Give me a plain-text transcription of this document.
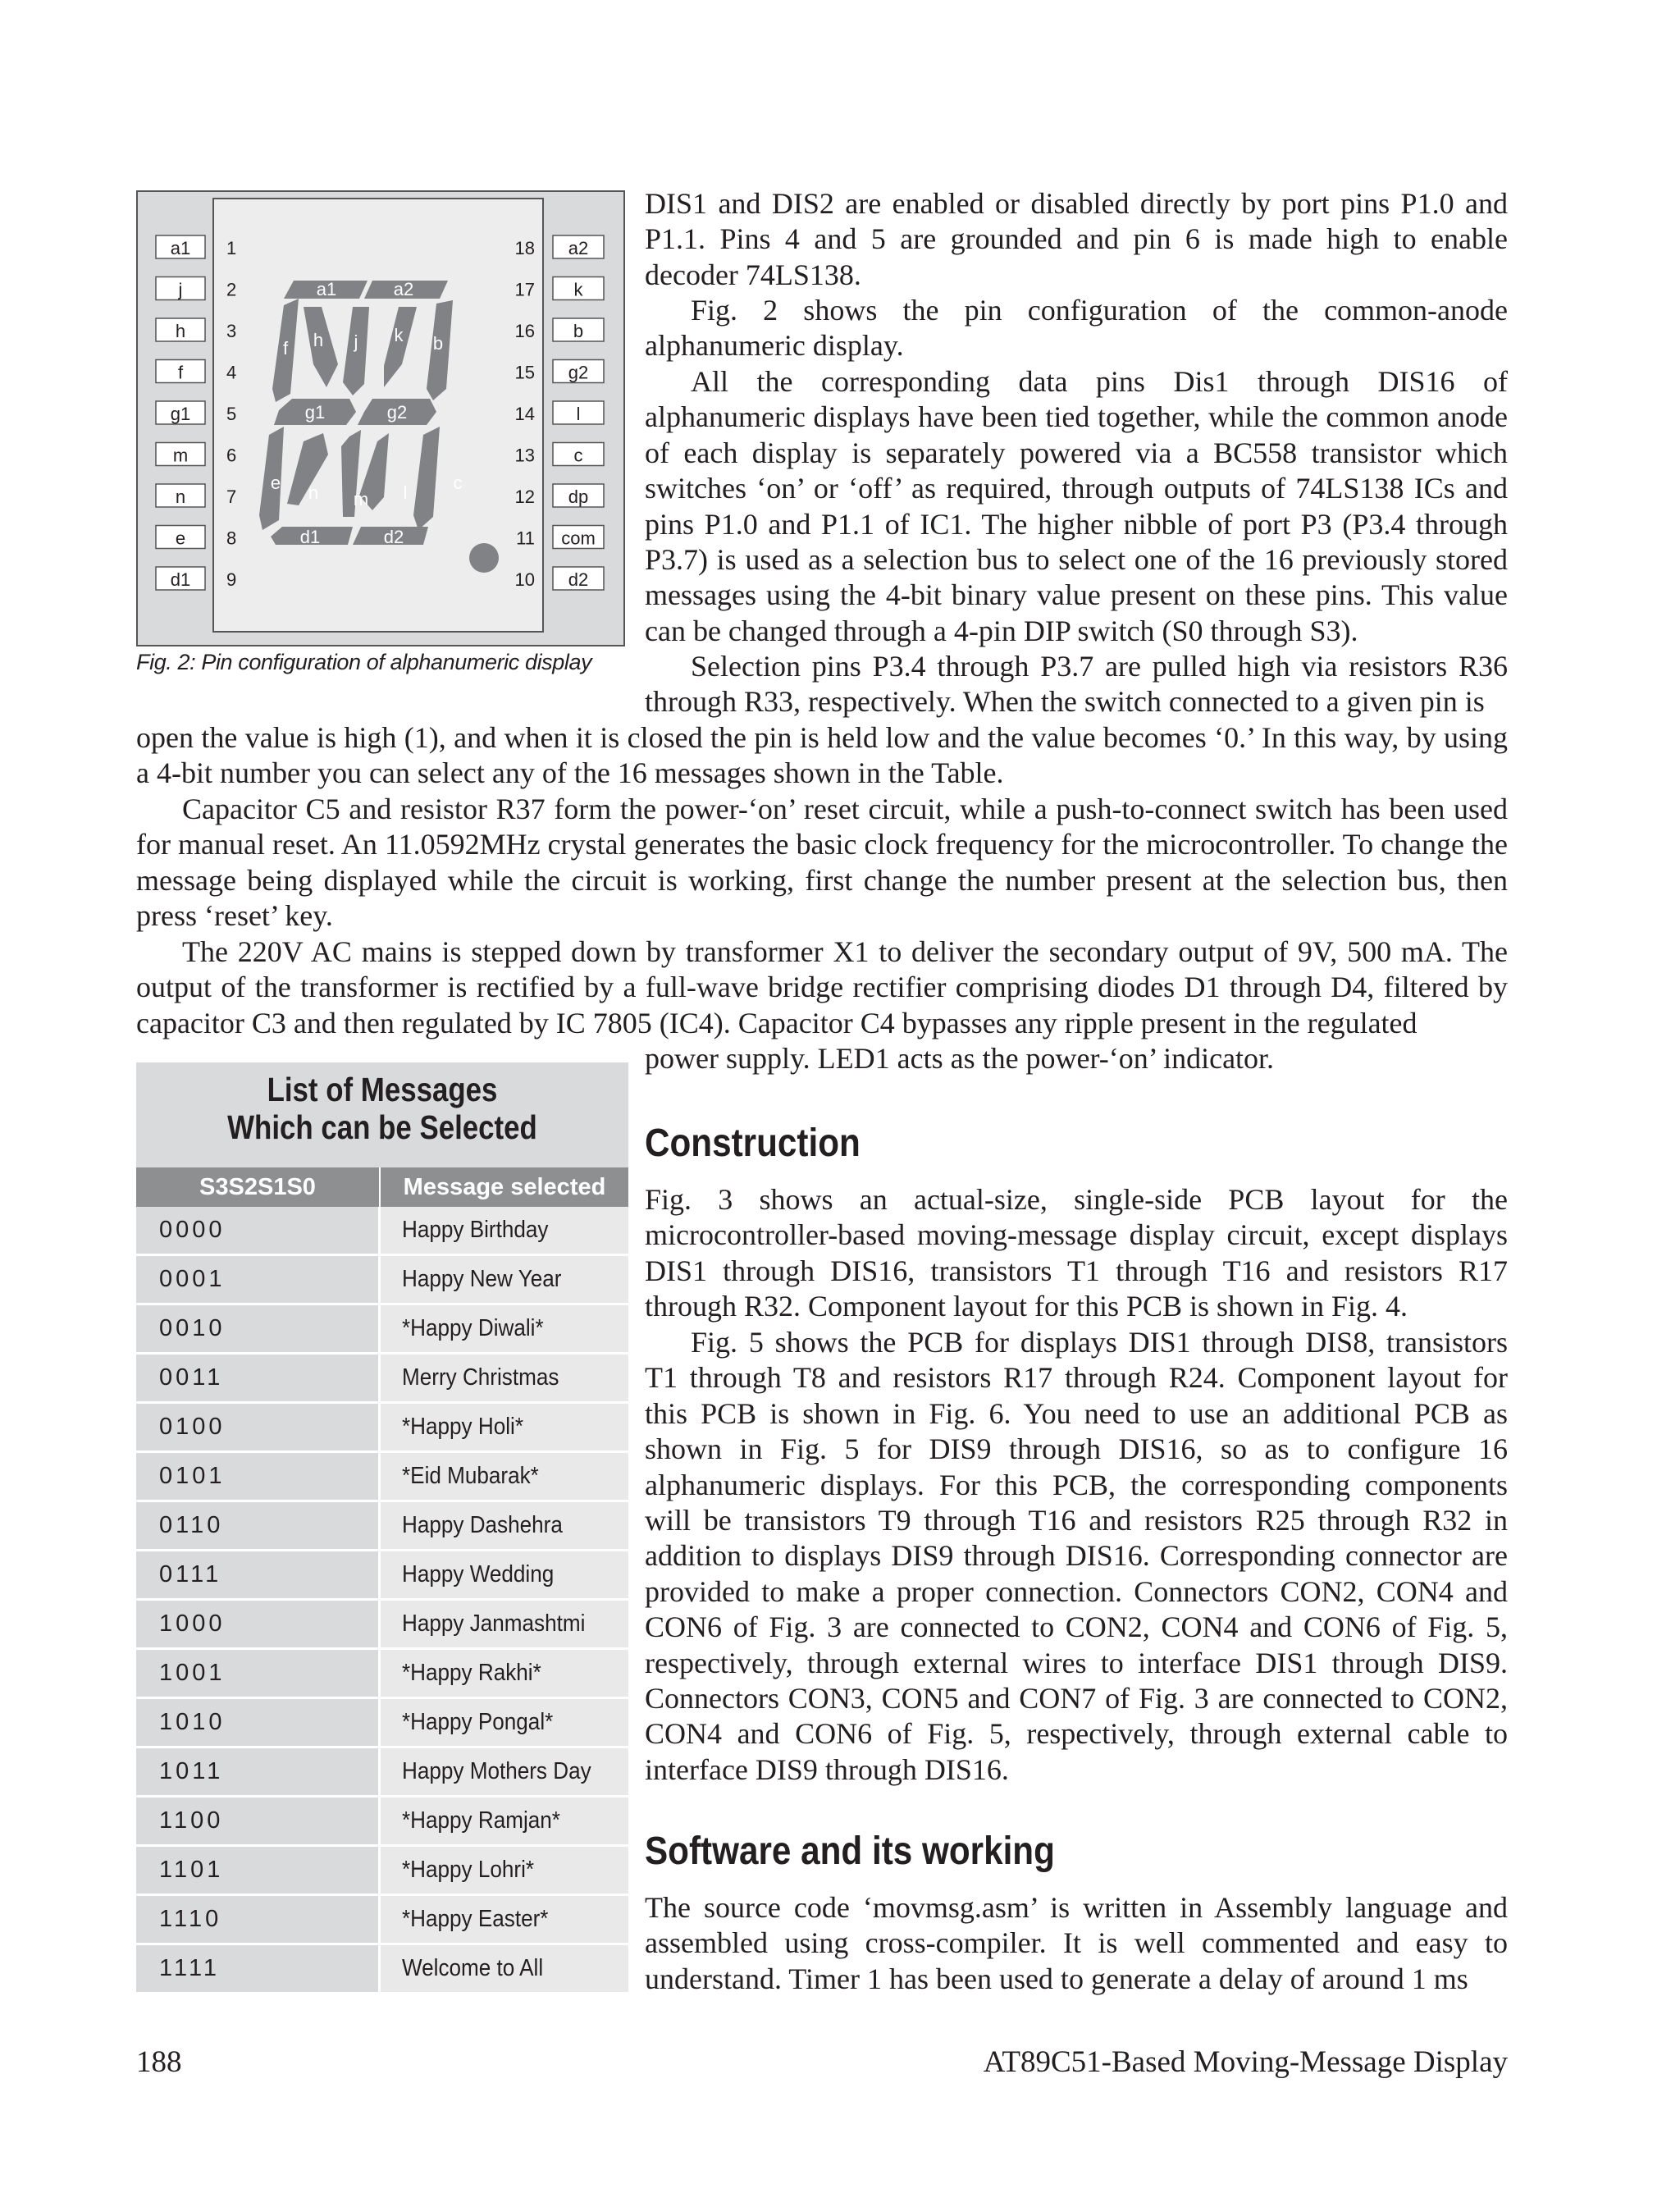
a1 1
j 2
h 3
f 4
g1 5
m 6
n 7
e 8
d1 9
a2
18
k
17
b
16
g2
15
l
14
c
13
dp
12
com
11
d2
10
a1	a2
f h j k b
g1	g2
e n m l	c
d1	d2
Fig. 2: Pin configuration of alphanumeric display

DIS1 and DIS2 are enabled or disabled directly by port pins P1.0 and P1.1. Pins 4 and 5 are grounded and pin 6 is made high to enable decoder 74LS138.

Fig. 2 shows the pin configuration of the common-anode alphanumeric display.

All the corresponding data pins Dis1 through DIS16 of alphanumeric displays have been tied together, while the common anode of each display is separately powered via a BC558 transistor which switches ‘on’ or ‘off’ as required, through outputs of 74LS138 ICs and pins P1.0 and P1.1 of IC1. The higher nibble of port P3 (P3.4 through P3.7) is used as a selection bus to select one of the 16 previously stored messages using the 4-bit binary value present on these pins. This value can be changed through a 4-pin DIP switch (S0 through S3).

Selection pins P3.4 through P3.7 are pulled high via resistors R36 through R33, respectively. When the switch connected to a given pin is

open the value is high (1), and when it is closed the pin is held low and the value becomes ‘0.’ In this way, by using a 4-bit number you can select any of the 16 messages shown in the Table.

Capacitor C5 and resistor R37 form the power-‘on’ reset circuit, while a push-to-connect switch has been used for manual reset. An 11.0592MHz crystal generates the basic clock frequency for the microcontroller. To change the message being displayed while the circuit is working, first change the number present at the selection bus, then press ‘reset’ key.

The 220V AC mains is stepped down by transformer X1 to deliver the secondary output of 9V, 500 mA. The output of the transformer is rectified by a full-wave bridge rectifier comprising diodes D1 through D4, filtered by capacitor C3 and then regulated by IC 7805 (IC4). Capacitor C4 bypasses any ripple present in the regulated

power supply. LED1 acts as the power-‘on’ indicator.

List of Messages
Which can be Selected
S3S2S1S0	Message selected
0000	Happy Birthday
0001	Happy New Year
0010	*Happy Diwali*
0011	Merry Christmas
0100	*Happy Holi*
0101	*Eid Mubarak*
0110	Happy Dashehra
0111	Happy Wedding
1000	Happy Janmashtmi
1001	*Happy Rakhi*
1010	*Happy Pongal*
1011	Happy Mothers Day
1100	*Happy Ramjan*
1101	*Happy Lohri*
1110	*Happy Easter*
1111	Welcome to All
Construction

Fig. 3 shows an actual-size, single-side PCB layout for the microcontroller-based moving-message display circuit, except displays DIS1 through DIS16, transistors T1 through T16 and resistors R17 through R32. Component layout for this PCB is shown in Fig. 4.

Fig. 5 shows the PCB for displays DIS1 through DIS8, transistors T1 through T8 and resistors R17 through R24. Component layout for this PCB is shown in Fig. 6. You need to use an additional PCB as shown in Fig. 5 for DIS9 through DIS16, so as to configure 16 alphanumeric displays. For this PCB, the corresponding components will be transistors T9 through T16 and resistors R25 through R32 in addition to displays DIS9 through DIS16. Corresponding connector are provided to make a proper connection. Connectors CON2, CON4 and CON6 of Fig. 3 are connected to CON2, CON4 and CON6 of Fig. 5, respectively, through external wires to interface DIS1 through DIS9. Connectors CON3, CON5 and CON7 of Fig. 3 are connected to CON2, CON4 and CON6 of Fig. 5, respectively, through external cable to interface DIS9 through DIS16.

Software and its working

The source code ‘movmsg.asm’ is written in Assembly language and assembled using cross-compiler. It is well commented and easy to understand. Timer 1 has been used to generate a delay of around 1 ms

188	AT89C51-Based Moving-Message Display
